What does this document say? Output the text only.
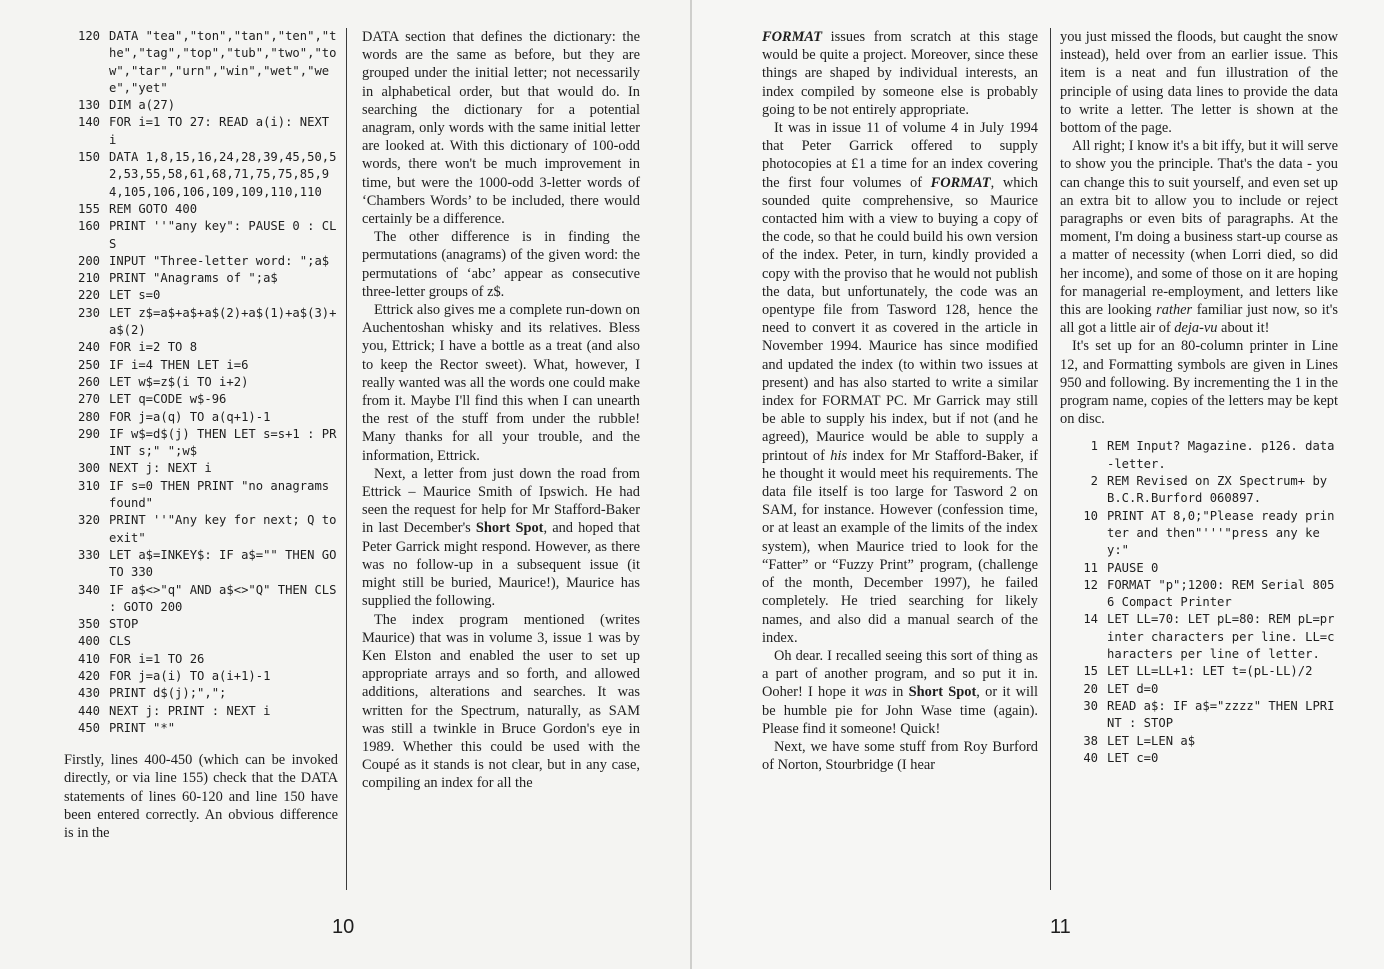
120 DATA "tea","ton","tan","ten","the","tag","top","tub","two","tow","tar","urn","win","wet","wee","yet"
130 DIM a(27)
140 FOR i=1 TO 27: READ a(i): NEXT i
150 DATA 1,8,15,16,24,28,39,45,50,52,53,55,58,61,68,71,75,75,85,94,105,106,106,109,109,110,110
155 REM GOTO 400
160 PRINT ''"any key": PAUSE 0 : CLS
200 INPUT "Three-letter word: ";a$
210 PRINT "Anagrams of ";a$
220 LET s=0
230 LET z$=a$+a$+a$(2)+a$(1)+a$(3)+a$(2)
240 FOR i=2 TO 8
250 IF i=4 THEN LET i=6
260 LET w$=z$(i TO i+2)
270 LET q=CODE w$-96
280 FOR j=a(q) TO a(q+1)-1
290 IF w$=d$(j) THEN LET s=s+1 : PRINT s;" ";w$
300 NEXT j: NEXT i
310 IF s=0 THEN PRINT "no anagrams found"
320 PRINT ''"Any key for next; Q to exit"
330 LET a$=INKEY$: IF a$="" THEN GOTO 330
340 IF a$<>"q" AND a$<>"Q" THEN CLS : GOTO 200
350 STOP
400 CLS
410 FOR i=1 TO 26
420 FOR j=a(i) TO a(i+1)-1
430 PRINT d$(j);",";
440 NEXT j: PRINT : NEXT i
450 PRINT "*"

Firstly, lines 400-450 (which can be invoked directly, or via line 155) check that the DATA statements of lines 60-120 and line 150 have been entered correctly. An obvious difference is in the

DATA section that defines the dictionary: the words are the same as before, but they are grouped under the initial letter; not necessarily in alphabetical order, but that would do. In searching the dictionary for a potential anagram, only words with the same initial letter are looked at. With this dictionary of 100-odd words, there won't be much improvement in time, but were the 1000-odd 3-letter words of ‘Chambers Words’ to be included, there would certainly be a difference.

The other difference is in finding the permutations (anagrams) of the given word: the permutations of ‘abc’ appear as consecutive three-letter groups of z$.

Ettrick also gives me a complete run-down on Auchentoshan whisky and its relatives. Bless you, Ettrick; I have a bottle as a treat (and also to keep the Rector sweet). What, however, I really wanted was all the words one could make from it. Maybe I'll find this when I can unearth the rest of the stuff from under the rubble! Many thanks for all your trouble, and the information, Ettrick.

Next, a letter from just down the road from Ettrick – Maurice Smith of Ipswich. He had seen the request for help for Mr Stafford-Baker in last December's Short Spot, and hoped that Peter Garrick might respond. However, as there was no follow-up in a subsequent issue (it might still be buried, Maurice!), Maurice has supplied the following.

The index program mentioned (writes Maurice) that was in volume 3, issue 1 was by Ken Elston and enabled the user to set up appropriate arrays and so forth, and allowed additions, alterations and searches. It was written for the Spectrum, naturally, as SAM was still a twinkle in Bruce Gordon's eye in 1989. Whether this could be used with the Coupé as it stands is not clear, but in any case, compiling an index for all the

10

FORMAT issues from scratch at this stage would be quite a project. Moreover, since these things are shaped by individual interests, an index compiled by someone else is probably going to be not entirely appropriate.

It was in issue 11 of volume 4 in July 1994 that Peter Garrick offered to supply photocopies at £1 a time for an index covering the first four volumes of FORMAT, which sounded quite comprehensive, so Maurice contacted him with a view to buying a copy of the code, so that he could build his own version of the index. Peter, in turn, kindly provided a copy with the proviso that he would not publish the data, but unfortunately, the code was an opentype file from Tasword 128, hence the need to convert it as covered in the article in November 1994. Maurice has since modified and updated the index (to within two issues at present) and has also started to write a similar index for FORMAT PC. Mr Garrick may still be able to supply his index, but if not (and he agreed), Maurice would be able to supply a printout of his index for Mr Stafford-Baker, if he thought it would meet his requirements. The data file itself is too large for Tasword 2 on SAM, for instance. However (confession time, or at least an example of the limits of the index system), when Maurice tried to look for the “Fatter” or “Fuzzy Print” program, (challenge of the month, December 1997), he failed completely. He tried searching for likely names, and also did a manual search of the index.

Oh dear. I recalled seeing this sort of thing as a part of another program, and so put it in. Ooher! I hope it was in Short Spot, or it will be humble pie for John Wase time (again). Please find it someone! Quick!

Next, we have some stuff from Roy Burford of Norton, Stourbridge (I hear

you just missed the floods, but caught the snow instead), held over from an earlier issue. This item is a neat and fun illustration of the principle of using data lines to provide the data to write a letter. The letter is shown at the bottom of the page.

All right; I know it's a bit iffy, but it will serve to show you the principle. That's the data - you can change this to suit yourself, and even set up an extra bit to allow you to include or reject paragraphs or even bits of paragraphs. At the moment, I'm doing a business start-up course as a matter of necessity (when Lorri died, so did her income), and some of those on it are hoping for managerial re-employment, and letters like this are looking rather familiar just now, so it's all got a little air of deja-vu about it!

It's set up for an 80-column printer in Line 12, and Formatting symbols are given in Lines 950 and following. By incrementing the 1 in the program name, copies of the letters may be kept on disc.

1 REM Input? Magazine. p126. data-letter.
2 REM Revised on ZX Spectrum+ by B.C.R.Burford 060897.
10 PRINT AT 8,0;"Please ready printer and then"'''"press any key:"
11 PAUSE 0
12 FORMAT "p";1200: REM Serial 8056 Compact Printer
14 LET LL=70: LET pL=80: REM pL=printer characters per line. LL=characters per line of letter.
15 LET LL=LL+1: LET t=(pL-LL)/2
20 LET d=0
30 READ a$: IF a$="zzzz" THEN LPRINT : STOP
38 LET L=LEN a$
40 LET c=0
11
